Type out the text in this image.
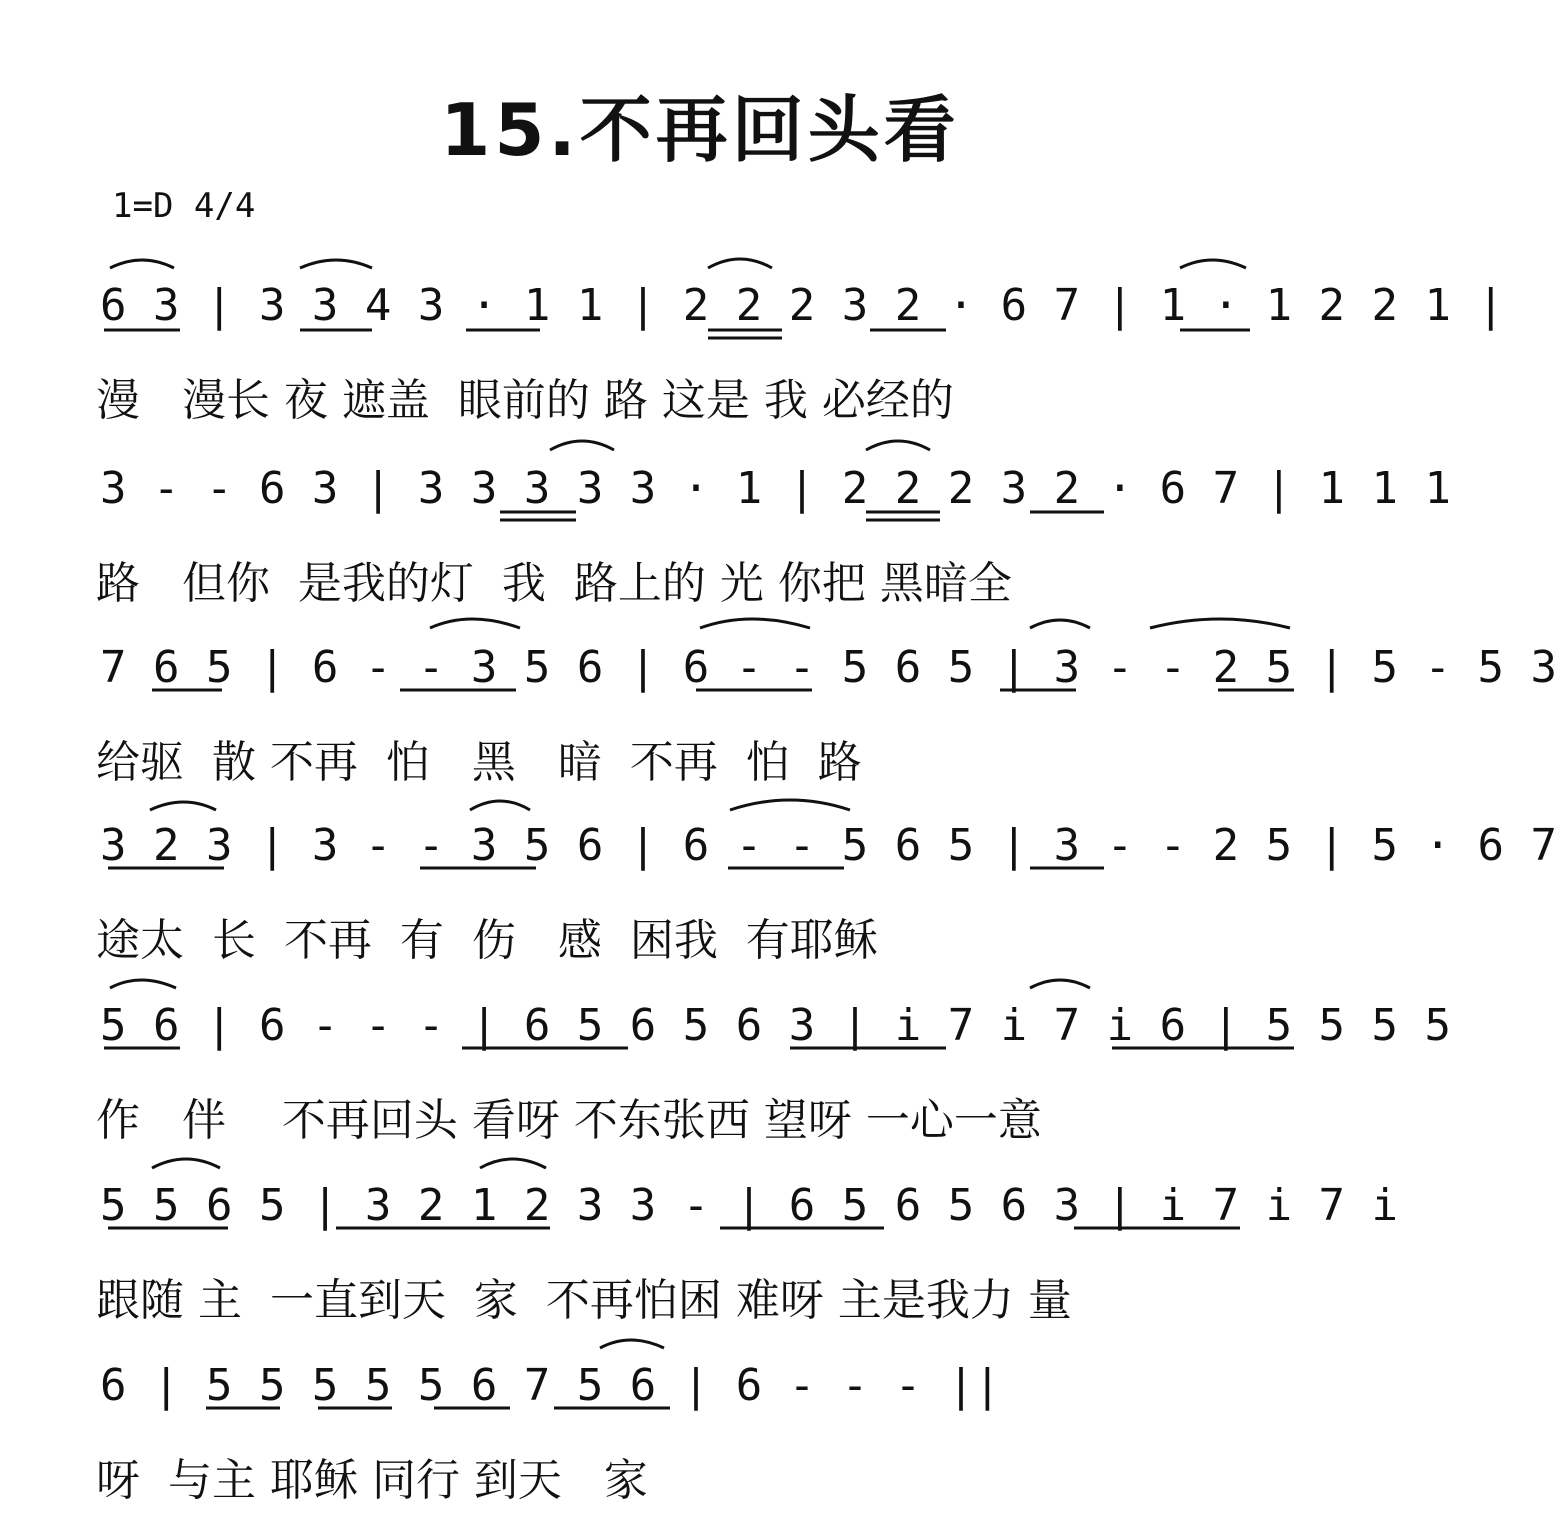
15.不再回头看
1=D 4/4
6 3 | 3 3 4 3 · 1 1 | 2 2 2 3 2 · 6 7 | 1 · 1 2 2 1 |
漫   漫长 夜 遮盖  眼前的 路 这是 我 必经的
3 - - 6 3 | 3 3 3 3 3 · 1 | 2 2 2 3 2 · 6 7 | 1 1 1
路   但你  是我的灯  我  路上的 光 你把 黑暗全
7 6 5 | 6 - - 3 5 6 | 6 - - 5 6 5 | 3 - - 2 5 | 5 - 5 3
给驱  散 不再  怕   黑   暗  不再  怕  路
3 2 3 | 3 - - 3 5 6 | 6 - - 5 6 5 | 3 - - 2 5 | 5 · 6 7
途太  长  不再  有  伤   感  困我  有耶稣
5 6 | 6 - - - | 6 5 6 5 6 3 | i 7 i 7 i 6 | 5 5 5 5
作   伴    不再回头 看呀 不东张西 望呀 一心一意
5 5 6 5 | 3 2 1 2 3 3 - | 6 5 6 5 6 3 | i 7 i 7 i
跟随 主  一直到天  家  不再怕困 难呀 主是我力 量
6 | 5 5 5 5 5 6 7 5 6 | 6 - - - ||
呀  与主 耶稣 同行 到天   家
